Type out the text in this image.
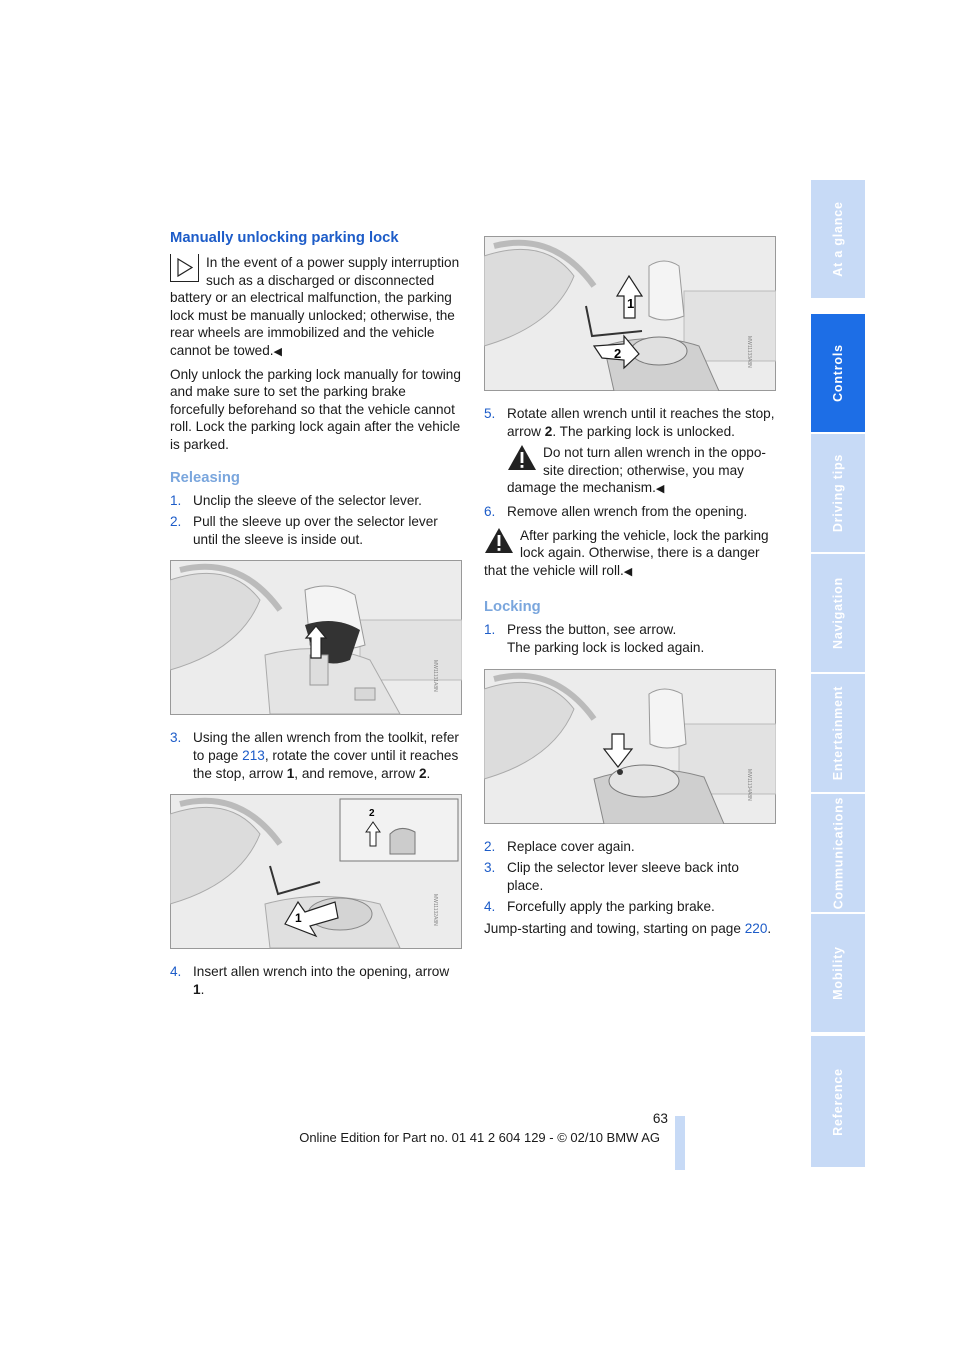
Manually unlocking parking lock
In the event of a power supply interruption such as a discharged or disconnected battery or an electrical malfunction, the parking lock must be manually unlocked; otherwise, the rear wheels are immobilized and the vehicle cannot be towed.◀

Only unlock the parking lock manually for towing and make sure to set the parking brake forcefully beforehand so that the vehicle cannot roll. Lock the parking lock again after the vehicle is parked.

Releasing
1. Unclip the sleeve of the selector lever.
2. Pull the sleeve up over the selector lever until the sleeve is inside out.
MW11131A8N
3. Using the allen wrench from the toolkit, refer to page 213, rotate the cover until it reaches the stop, arrow 1, and remove, arrow 2.
2
1	MW11132A8N
4. Insert allen wrench into the opening, arrow 1.
1
2	MW11133A8N
5. Rotate allen wrench until it reaches the stop, arrow 2. The parking lock is unlocked.
Do not turn allen wrench in the opposite direction; otherwise, you may damage the mechanism.◀
6. Remove allen wrench from the opening.
After parking the vehicle, lock the parking lock again. Otherwise, there is a danger that the vehicle will roll.◀
Locking
1. Press the button, see arrow.
The parking lock is locked again.
MW11134A8N
2. Replace cover again.
3. Clip the selector lever sleeve back into place.
4. Forcefully apply the parking brake.

Jump-starting and towing, starting on page 220.

At a glance
Controls
Driving tips
Navigation
Entertainment
Communications
Mobility
Reference
63
Online Edition for Part no. 01 41 2 604 129 - © 02/10 BMW AG
